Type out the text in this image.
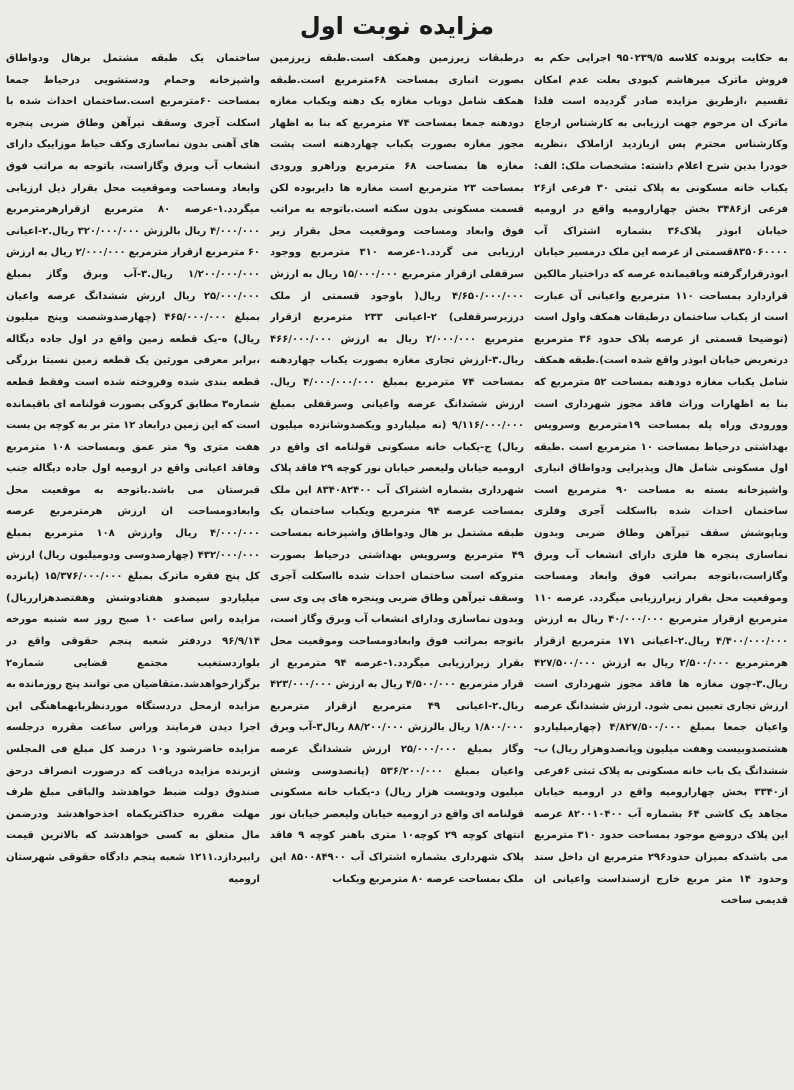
مزایده نوبت اول

به حکایت پرونده کلاسه ۹۵۰۲۳۹/۵ اجرایی حکم به فروش ماترک میرهاشم کبودی بعلت عدم امکان تقسیم ،ازطریق مزایده صادر گردیده است فلذا ماترک ان مرحوم جهت ارزیابی به کارشناس ارجاع وکارشناس محترم پس ازبازدید ازاملاک ،نظریه خودرا بدین شرح اعلام داشته: مشخصات ملک: الف: یکباب خانه مسکونی به پلاک ثبتی ۳۰ فرعی از۲۶ فرعی از۳۴۸۶ بخش چهارارومیه واقع در ارومیه خیابان ابوذر پلاک۳۶ بشماره اشتراک آب ۸۳۵۰۶۰۰۰۰قسمتی از عرصه این ملک درمسیر خیابان ابوذرقرارگرفته وباقیمانده عرصه که دراختیار مالکین قراردارد بمساحت ۱۱۰ مترمربع واعیانی آن عبارت است از یکباب ساختمان درطبقات همکف واول است (توضیحا قسمتی از عرصه پلاک حدود ۳۶ مترمربع درتعریض خیابان ابوذر واقع شده است).طبقه همکف شامل یکباب مغازه دودهنه بمساحت ۵۲ مترمربع که بنا به اظهارات وراث فاقد مجوز شهرداری است وورودی وراه پله بمساحت ۱۹مترمربع وسرویس بهداشتی درحیاط بمساحت ۱۰ مترمربع است .طبقه اول مسکونی شامل هال وپذیرایی ودواطاق انباری واشپزخانه بسته به مساحت ۹۰ مترمربع است ساختمان احداث شده بااسکلت آجری وفلزی وباپوشش سقف تیرآهن وطاق ضربی وبدون نماسازی پنجره ها فلزی دارای انشعاب آب وبرق وگازاست،باتوجه بمراتب فوق وابعاد ومساحت وموقعیت محل بقرار زیرارزیابی میگردد. عرصه ۱۱۰ مترمربع ازقرار مترمربع ۴۰/۰۰۰/۰۰۰ ریال به ارزش ۴/۴۰۰/۰۰۰/۰۰۰ ریال.۲-اعیانی ۱۷۱ مترمربع ازقرار هرمترمربع ۲/۵۰۰/۰۰۰ ریال به ارزش ۴۲۷/۵۰۰/۰۰۰ ریال.۳-چون مغازه ها فاقد مجوز شهرداری است ارزش تجاری تعیین نمی شود. ارزش ششدانگ عرصه واعیان جمعا بمبلغ ۴/۸۲۷/۵۰۰/۰۰۰ (چهارمیلیاردو هشتصدوبیست وهفت میلیون وپانصدوهزار ریال) ب-ششدانگ یک باب خانه مسکونی به پلاک ثبتی ۶فرعی از۳۳۴۰ بخش چهارارومیه واقع در ارومیه خیابان مجاهد یک کاشی ۶۴ بشماره آب ۸۲۰۰۱۰۴۰۰ عرصه این پلاک دروضع موجود بمساحت حدود ۳۱۰ مترمربع می باشدکه بمیزان حدود۲۹۶ مترمربع ان داخل سند وحدود ۱۴ متر مربع خارج ازسنداست واعیانی ان قدیمی ساخت

درطبقات زیرزمین وهمکف است.طبقه زیرزمین بصورت انباری بمساحت ۶۸مترمربع است.طبقه همکف شامل دوباب مغازه یک دهنه ویکباب مغازه دودهنه جمعا بمساحت ۷۴ مترمربع که بنا به اظهار مجوز مغازه بصورت یکباب چهاردهنه است پشت مغازه ها بمساحت ۶۸ مترمربع وراهرو ورودی بمساحت ۲۳ مترمربع است مغازه ها دایربوده لکن قسمت مسکونی بدون سکنه است.باتوجه به مراتب فوق وابعاد ومساحت وموقعیت محل بقرار زیر ارزیابی می گردد.۱-عرصه ۳۱۰ مترمربع ووجود سرقفلی ازقرار مترمربع ۱۵/۰۰۰/۰۰۰ ریال به ارزش ۴/۶۵۰/۰۰۰/۰۰۰ ریال( باوجود قسمتی از ملک درزیرسرقفلی) ۲-اعیانی ۲۳۳ مترمربع ازقرار مترمربع ۲/۰۰۰/۰۰۰ ریال به ارزش ۴۶۶/۰۰۰/۰۰۰ ریال.۳-ارزش تجاری مغازه بصورت یکباب چهاردهنه بمساحت ۷۴ مترمربع بمبلغ ۴/۰۰۰/۰۰۰/۰۰۰ ریال. ارزش ششدانگ عرصه واعیانی وسرقفلی بمبلغ ۹/۱۱۶/۰۰۰/۰۰۰ (نه میلیاردو ویکصدوشانزده میلیون ریال) ج-یکباب خانه مسکونی قولنامه ای واقع در ارومیه خیابان ولیعصر خیابان نور کوچه ۲۹ فاقد پلاک شهرداری بشماره اشتراک آب ۸۳۴۰۸۲۴۰۰ این ملک بمساحت عرصه ۹۴ مترمربع ویکباب ساختمان یک طبقه مشتمل بر هال ودواطاق واشپزخانه بمساحت ۴۹ مترمربع وسرویس بهداشتی درحیاط بصورت متروکه است ساختمان احداث شده بااسکلت آجری وسقف تیرآهن وطاق ضربی وپنجره های پی وی سی وبدون نماسازی ودارای انشعاب آب وبرق وگاز است، باتوجه بمراتب فوق وابعادومساحت وموقعیت محل بقرار زیرارزیابی میگردد.۱-عرصه ۹۴ مترمربع از قرار مترمربع ۴/۵۰۰/۰۰۰ ریال به ارزش ۴۲۳/۰۰۰/۰۰۰ ریال.۲-اعیانی ۴۹ مترمربع ازقرار مترمربع ۱/۸۰۰/۰۰۰ ریال بالرزش ۸۸/۲۰۰/۰۰۰ ریال۳-آب وبرق وگاز بمبلغ ۲۵/۰۰۰/۰۰۰ ارزش ششدانگ عرصه واعیان بمبلغ ۵۳۶/۲۰۰/۰۰۰ (پانصدوسی وشش میلیون ودویست هزار ریال) د-یکباب خانه مسکونی قولنامه ای واقع در ارومیه خیابان ولیعصر خیابان نور انتهای کوچه ۲۹ کوچه۱۰ متری باهنر کوچه ۹ فاقد پلاک شهرداری بشماره اشتراک آب ۸۵۰۰۸۴۹۰۰ این ملک بمساحت عرصه ۸۰ مترمربع ویکباب

ساختمان یک طبقه مشتمل برهال ودواطاق واشپزخانه وحمام ودستشویی درحیاط جمعا بمساحت ۶۰مترمربع است.ساختمان احداث شده با اسکلت آجری وسقف تیرآهن وطاق ضربی پنجره های آهنی بدون نماسازی وکف حیاط موزاییک دارای انشعاب آب وبرق وگازاست، باتوجه به مراتب فوق وابعاد ومساحت وموقعیت محل بقرار ذیل ارزیابی میگردد.۱-عرصه ۸۰ مترمربع ازقرارهرمترمربع ۴/۰۰۰/۰۰۰ ریال بالرزش ۳۲۰/۰۰۰/۰۰۰ ریال.۲-اعیانی ۶۰ مترمربع ازقرار مترمربع ۲/۰۰۰/۰۰۰ ریال به ارزش ۱/۲۰۰/۰۰۰/۰۰۰ ریال.۳-آب وبرق وگاز بمبلغ ۲۵/۰۰۰/۰۰۰ ریال ارزش ششدانگ عرصه واعیان بمبلغ ۴۶۵/۰۰۰/۰۰۰ (چهارصدوشصت وپنج میلیون ریال) ه-یک قطعه زمین واقع در اول جاده دیگاله ،برابر معرفی مورثین یک قطعه زمین نسبتا بزرگی قطعه بندی شده وفروخته شده است وفقط قطعه شماره۳ مطابق کروکی بصورت قولنامه ای باقیمانده است که این زمین درابعاد ۱۲ متر بر به کوچه بن بست هفت متری و۹ متر عمق وبمساحت ۱۰۸ مترمربع وفاقد اعیانی واقع در ارومیه اول جاده دیگاله جنب قبرستان می باشد.باتوجه به موقعیت محل وابعادومساحت ان ارزش هرمترمربع عرصه ۴/۰۰۰/۰۰۰ ریال وارزش ۱۰۸ مترمربع بمبلغ ۴۳۲/۰۰۰/۰۰۰ (چهارصدوسی ودومیلیون ریال) ارزش کل پنج فقره ماترک بمبلغ ۱۵/۳۷۶/۰۰۰/۰۰۰ (پانزده میلیاردو سیصدو هفتادوشش وهفتصدهزارریال) مزایده راس ساعت ۱۰ صبح روز سه شنبه مورخه ۹۶/۹/۱۴ دردفتر شعبه پنجم حقوقی واقع در بلواردستغیب مجتمع قضایی شماره۲ برگزارخواهدشد.متقاضیان می توانند پنج روزمانده به مزایده ازمحل دردستگاه موردنظربابهماهنگی این اجرا دیدن فرمایند وراس ساعت مقرره درجلسه مزایده حاضرشود و۱۰ درصد کل مبلغ فی المجلس ازبرنده مزایده دریافت که درصورت انصراف درحق صندوق دولت ضبط خواهدشد والباقی مبلغ ظرف مهلت مقرره حداکثریکماه اخذخواهدشد ودرضمن مال متعلق به کسی خواهدشد که بالاترین قیمت رابپردازد.۱۲۱۱ شعبه پنجم دادگاه حقوقی شهرستان ارومیه
